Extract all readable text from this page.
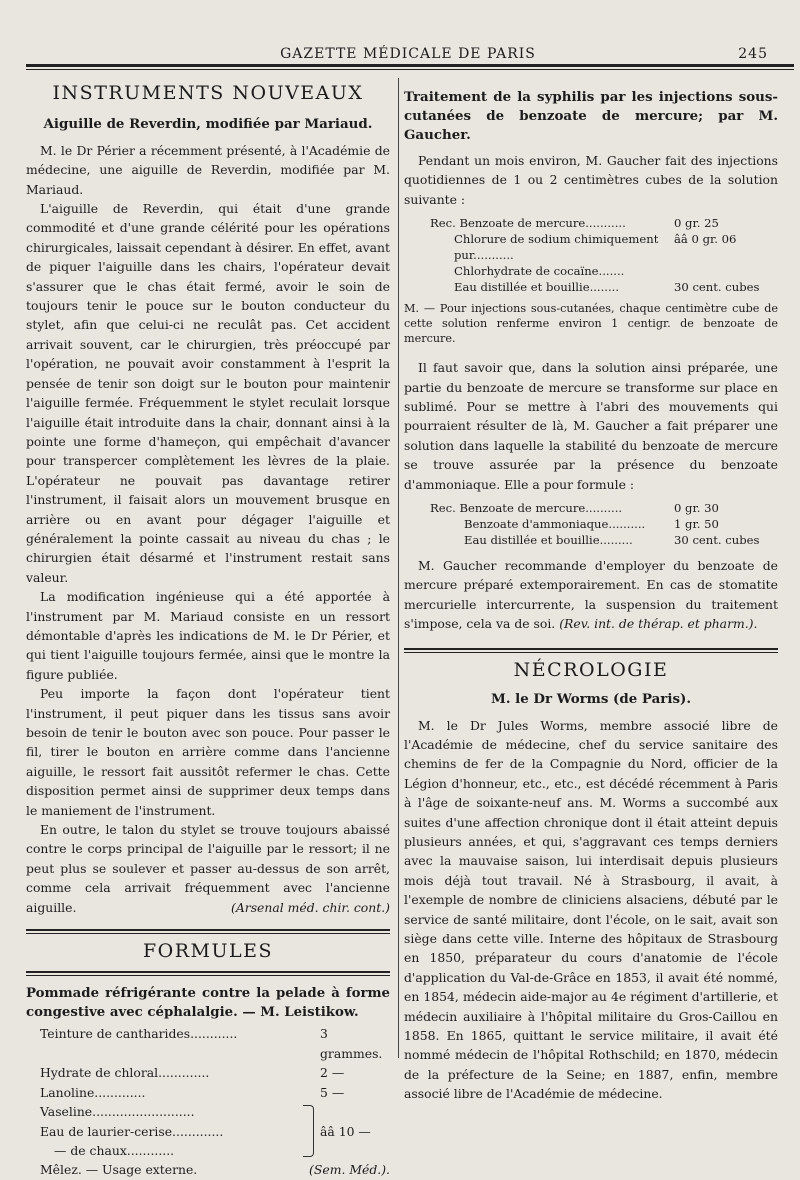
GAZETTE MÉDICALE DE PARIS	245
INSTRUMENTS NOUVEAUX
Aiguille de Reverdin, modifiée par Mariaud.

M. le Dr Périer a récemment présenté, à l'Académie de médecine, une aiguille de Reverdin, modifiée par M. Mariaud.

L'aiguille de Reverdin, qui était d'une grande commodité et d'une grande célérité pour les opérations chirurgicales, laissait cependant à désirer. En effet, avant de piquer l'aiguille dans les chairs, l'opérateur devait s'assurer que le chas était fermé, avoir le soin de toujours tenir le pouce sur le bouton conducteur du stylet, afin que celui-ci ne reculât pas. Cet accident arrivait souvent, car le chirurgien, très préoccupé par l'opération, ne pouvait avoir constamment à l'esprit la pensée de tenir son doigt sur le bouton pour maintenir l'aiguille fermée. Fréquemment le stylet reculait lorsque l'aiguille était introduite dans la chair, donnant ainsi à la pointe une forme d'hameçon, qui empêchait d'avancer pour transpercer complètement les lèvres de la plaie. L'opérateur ne pouvait pas davantage retirer l'instrument, il faisait alors un mouvement brusque en arrière ou en avant pour dégager l'aiguille et généralement la pointe cassait au niveau du chas ; le chirurgien était désarmé et l'instrument restait sans valeur.

La modification ingénieuse qui a été apportée à l'instrument par M. Mariaud consiste en un ressort démontable d'après les indications de M. le Dr Périer, et qui tient l'aiguille toujours fermée, ainsi que le montre la figure publiée.

Peu importe la façon dont l'opérateur tient l'instrument, il peut piquer dans les tissus sans avoir besoin de tenir le bouton avec son pouce. Pour passer le fil, tirer le bouton en arrière comme dans l'ancienne aiguille, le ressort fait aussitôt refermer le chas. Cette disposition permet ainsi de supprimer deux temps dans le maniement de l'instrument.

En outre, le talon du stylet se trouve toujours abaissé contre le corps principal de l'aiguille par le ressort; il ne peut plus se soulever et passer au-dessus de son arrêt, comme cela arrivait fréquemment avec l'ancienne aiguille.	(Arsenal méd. chir. cont.)

FORMULES
Pommade réfrigérante contre la pelade à forme congestive avec céphalalgie. — M. Leistikow.
Teinture de cantharides............	3 grammes.
Hydrate de chloral.............	2 —
Lanoline.............	5 —
Vaseline..........................
Eau de laurier-cerise.............
— de chaux............
ââ 10 —
Mêlez. — Usage externe.	(Sem. Méd.).
Traitement de la syphilis par les injections sous-cutanées de benzoate de mercure; par M. Gaucher.

Pendant un mois environ, M. Gaucher fait des injections quotidiennes de 1 ou 2 centimètres cubes de la solution suivante :

Rec. Benzoate de mercure...........	0 gr. 25
Chlorure de sodium chimiquement pur...........
ââ 0 gr. 06
Chlorhydrate de cocaïne.......
Eau distillée et bouillie........	30 cent. cubes
M. — Pour injections sous-cutanées, chaque centimètre cube de cette solution renferme environ 1 centigr. de benzoate de mercure.

Il faut savoir que, dans la solution ainsi préparée, une partie du benzoate de mercure se transforme sur place en sublimé. Pour se mettre à l'abri des mouvements qui pourraient résulter de là, M. Gaucher a fait préparer une solution dans laquelle la stabilité du benzoate de mercure se trouve assurée par la présence du benzoate d'ammoniaque. Elle a pour formule :

Rec. Benzoate de mercure..........	0 gr. 30
Benzoate d'ammoniaque..........	1 gr. 50
Eau distillée et bouillie.........	30 cent. cubes

M. Gaucher recommande d'employer du benzoate de mercure préparé extemporairement. En cas de stomatite mercurielle intercurrente, la suspension du traitement s'impose, cela va de soi. (Rev. int. de thérap. et pharm.).

NÉCROLOGIE
M. le Dr Worms (de Paris).

M. le Dr Jules Worms, membre associé libre de l'Académie de médecine, chef du service sanitaire des chemins de fer de la Compagnie du Nord, officier de la Légion d'honneur, etc., etc., est décédé récemment à Paris à l'âge de soixante-neuf ans. M. Worms a succombé aux suites d'une affection chronique dont il était atteint depuis plusieurs années, et qui, s'aggravant ces temps derniers avec la mauvaise saison, lui interdisait depuis plusieurs mois déjà tout travail. Né à Strasbourg, il avait, à l'exemple de nombre de cliniciens alsaciens, débuté par le service de santé militaire, dont l'école, on le sait, avait son siège dans cette ville. Interne des hôpitaux de Strasbourg en 1850, préparateur du cours d'anatomie de l'école d'application du Val-de-Grâce en 1853, il avait été nommé, en 1854, médecin aide-major au 4e régiment d'artillerie, et médecin auxiliaire à l'hôpital militaire du Gros-Caillou en 1858. En 1865, quittant le service militaire, il avait été nommé médecin de l'hôpital Rothschild; en 1870, médecin de la préfecture de la Seine; en 1887, enfin, membre associé libre de l'Académie de médecine.
